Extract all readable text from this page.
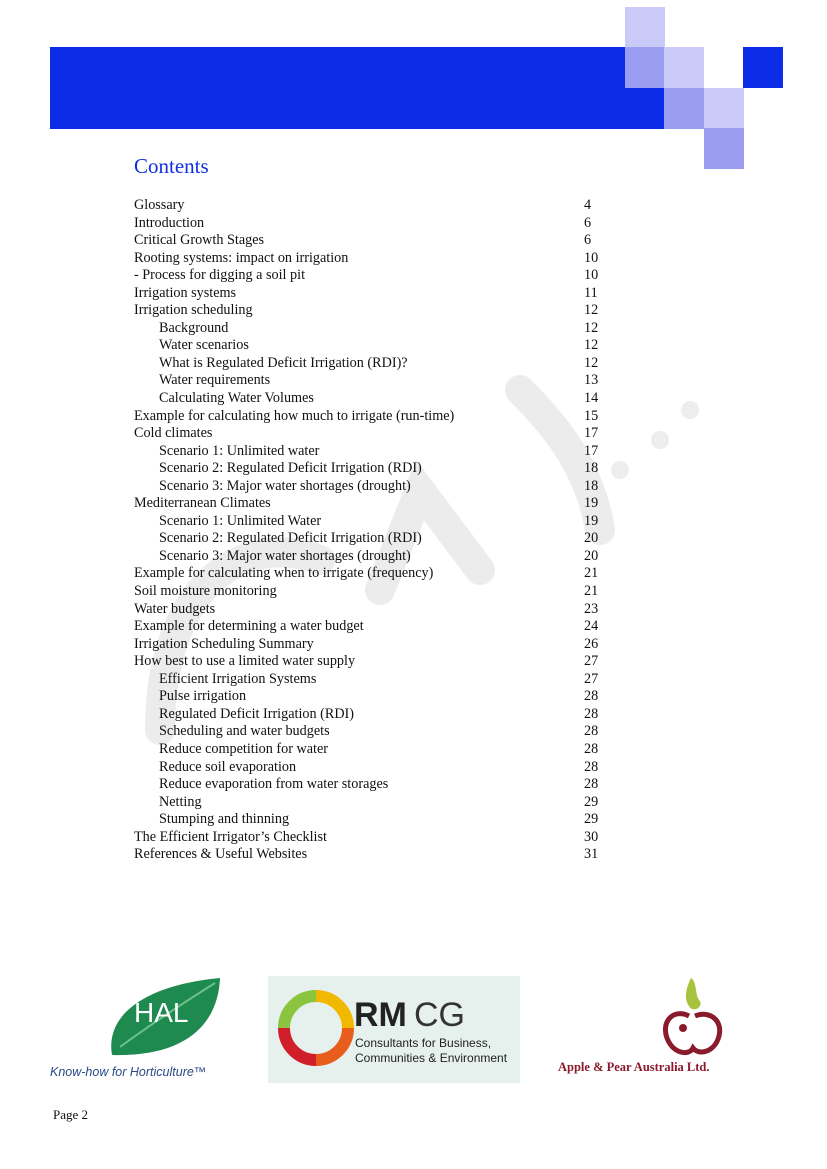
Contents
Glossary	4
Introduction	6
Critical Growth Stages	6
Rooting systems: impact on irrigation	10
- Process for digging a soil pit	10
Irrigation systems	11
Irrigation scheduling	12
Background	12
Water scenarios	12
What is Regulated Deficit Irrigation (RDI)?	12
Water requirements	13
Calculating Water Volumes	14
Example for calculating how much to irrigate (run-time)	15
Cold climates	17
Scenario 1: Unlimited water	17
Scenario 2: Regulated Deficit Irrigation (RDI)	18
Scenario 3: Major water shortages (drought)	18
Mediterranean Climates	19
Scenario 1: Unlimited Water	19
Scenario 2: Regulated Deficit Irrigation (RDI)	20
Scenario 3: Major water shortages (drought)	20
Example for calculating when to irrigate (frequency)	21
Soil moisture monitoring	21
Water budgets	23
Example for determining a water budget	24
Irrigation Scheduling Summary	26
How best to use a limited water supply	27
Efficient Irrigation Systems	27
Pulse irrigation	28
Regulated Deficit Irrigation (RDI)	28
Scheduling and water budgets	28
Reduce competition for water	28
Reduce soil evaporation	28
Reduce evaporation from water storages	28
Netting	29
Stumping and thinning	29
The Efficient Irrigator’s Checklist	30
References & Useful Websites	31
HAL
Know-how for Horticulture™
RM CG
Consultants for Business,
Communities & Environment
Apple & Pear Australia Ltd.
Page 2
